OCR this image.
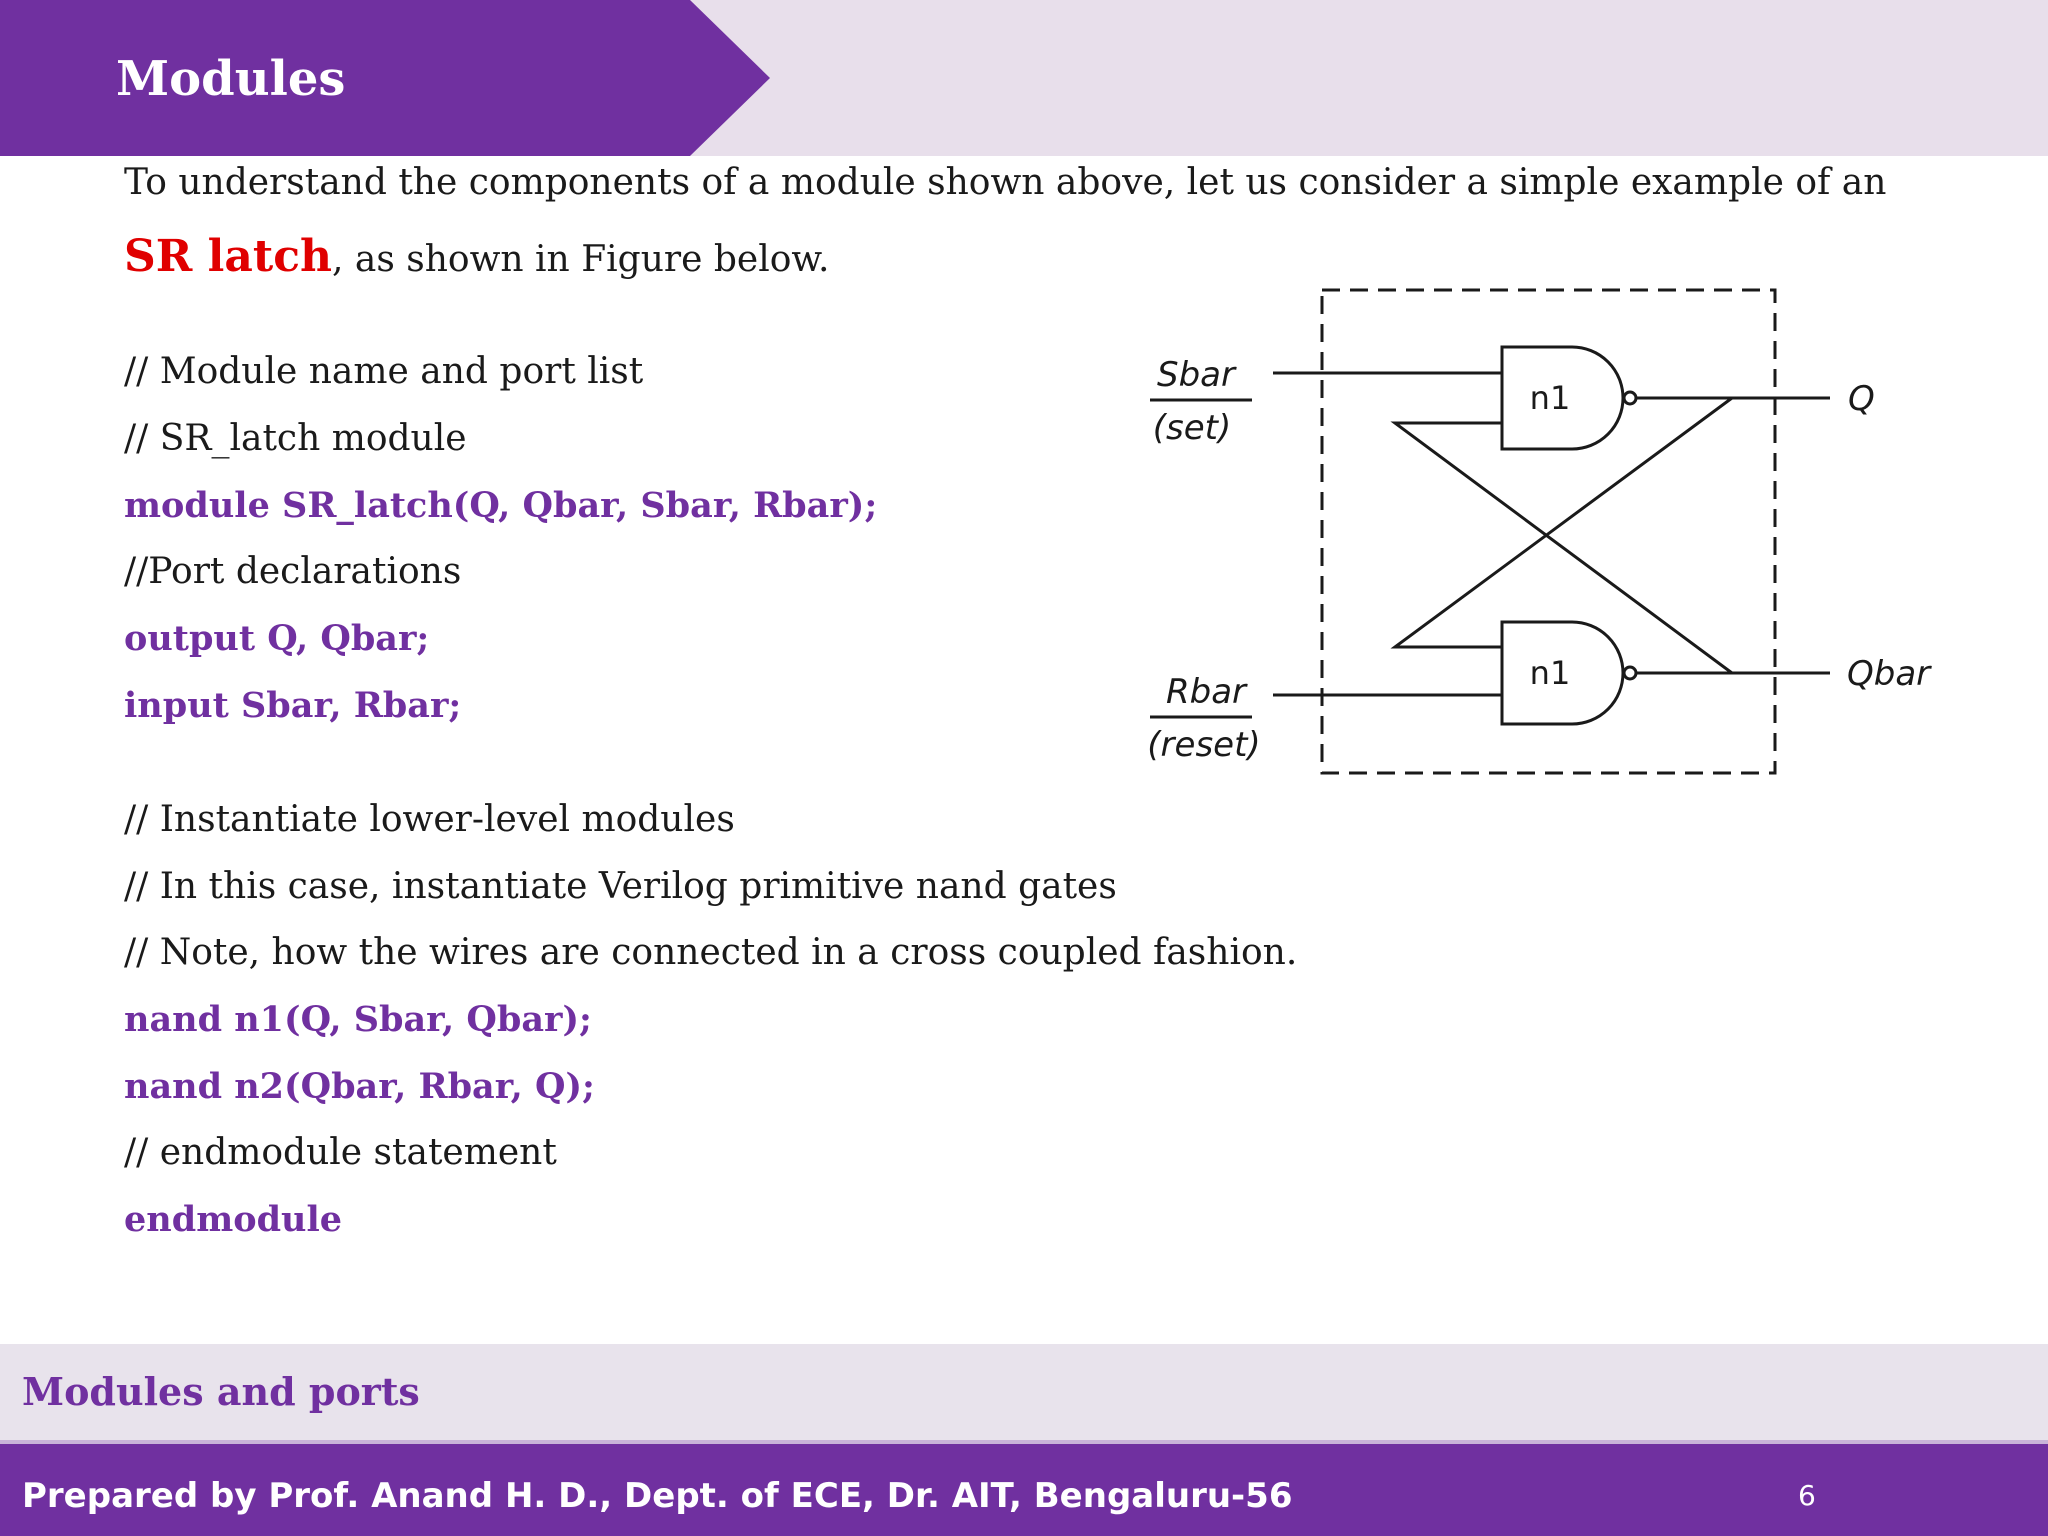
Modules
To understand the components of a module shown above, let us consider a simple example of an
SR latch, as shown in Figure below.
// Module name and port list
// SR_latch module
module SR_latch(Q, Qbar, Sbar, Rbar);
//Port declarations
output Q, Qbar;
input Sbar, Rbar;
// Instantiate lower-level modules
// In this case, instantiate Verilog primitive nand gates
// Note, how the wires are connected in a cross coupled fashion.
nand n1(Q, Sbar, Qbar);
nand n2(Qbar, Rbar, Q);
// endmodule statement
endmodule
n1
n1
Sbar
(set)
Rbar
(reset)
Q
Qbar
Modules and ports
Prepared by Prof. Anand H. D., Dept. of ECE, Dr. AIT, Bengaluru-56	6
